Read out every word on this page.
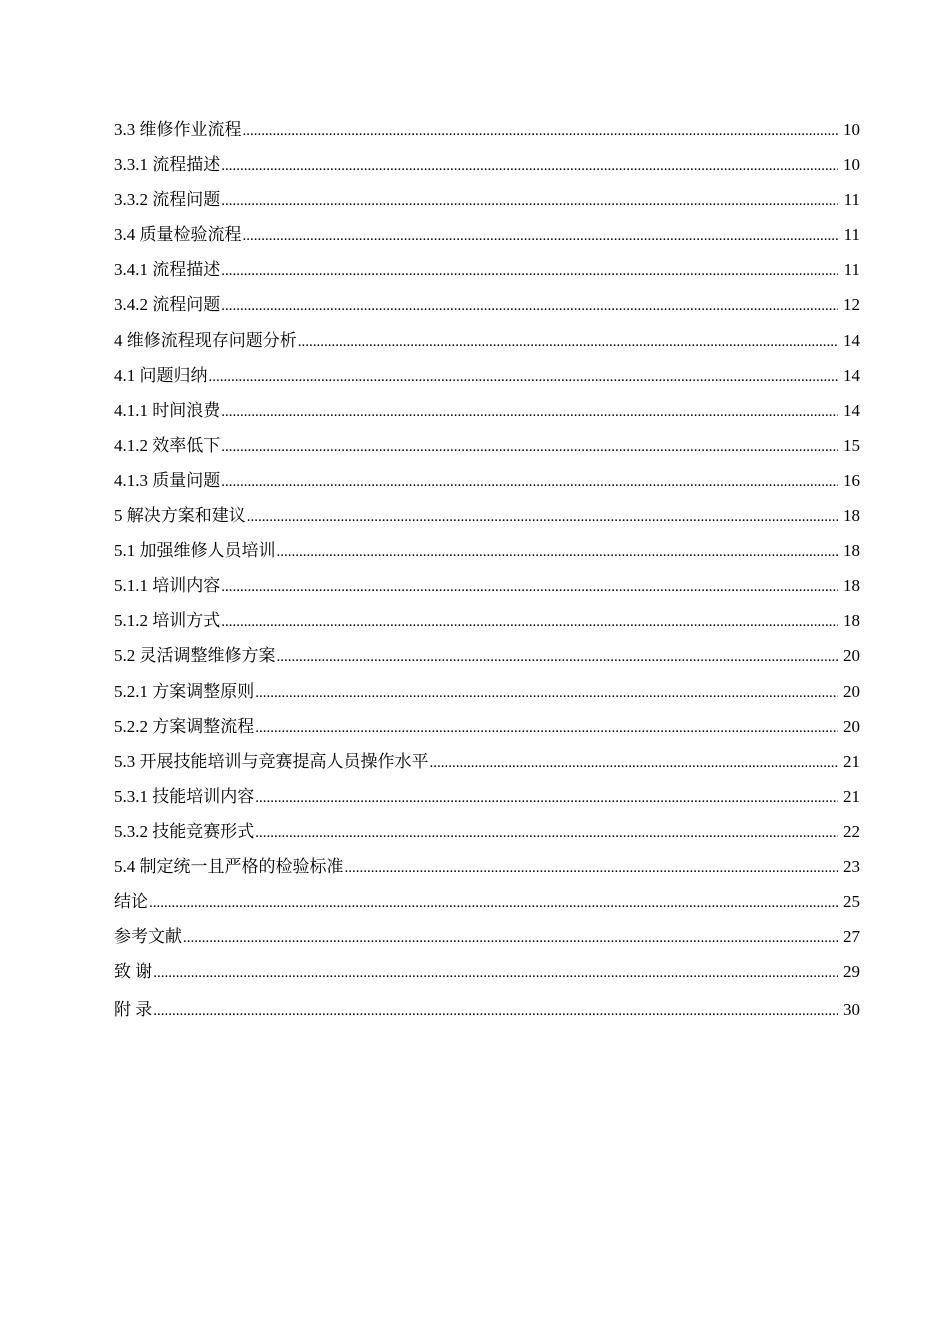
3.3 维修作业流程 .....	10
3.3.1 流程描述 .....	10
3.3.2 流程问题 .....	11
3.4 质量检验流程 .....	11
3.4.1 流程描述 .....	11
3.4.2 流程问题 .....	12
4 维修流程现存问题分析 .....	14
4.1 问题归纳 .....	14
4.1.1 时间浪费 .....	14
4.1.2 效率低下 .....	15
4.1.3 质量问题 .....	16
5 解决方案和建议 .....	18
5.1 加强维修人员培训 .....	18
5.1.1 培训内容 .....	18
5.1.2 培训方式 .....	18
5.2 灵活调整维修方案 .....	20
5.2.1 方案调整原则 .....	20
5.2.2 方案调整流程 .....	20
5.3 开展技能培训与竞赛提高人员操作水平 .....	21
5.3.1 技能培训内容 .....	21
5.3.2 技能竞赛形式 .....	22
5.4 制定统一且严格的检验标准 .....	23
结论 .....	25
参考文献 .....	27
致 谢 .....	29
附 录 .....	30
